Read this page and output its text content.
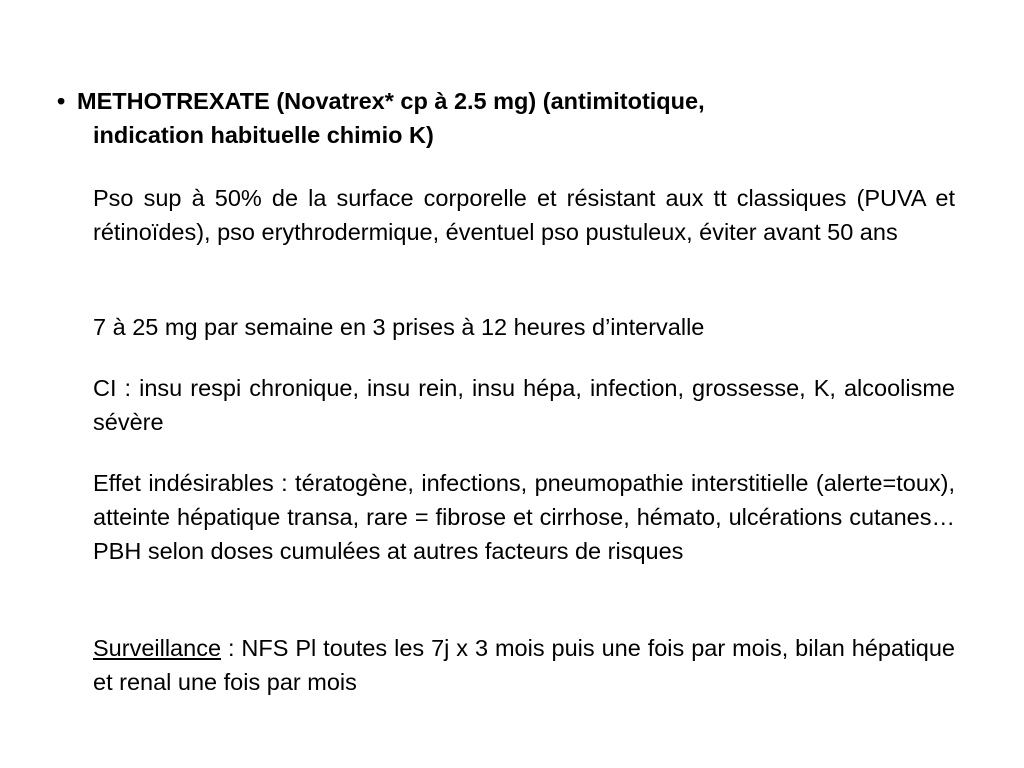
• METHOTREXATE (Novatrex* cp à 2.5 mg) (antimitotique,
indication habituelle chimio K)

Pso sup à 50% de la surface corporelle et résistant aux tt classiques (PUVA et rétinoïdes), pso erythrodermique, éventuel pso pustuleux, éviter avant 50 ans

7 à 25 mg par semaine en 3 prises à 12 heures d’intervalle

CI : insu respi chronique, insu rein, insu hépa, infection, grossesse, K, alcoolisme sévère

Effet indésirables : tératogène, infections, pneumopathie interstitielle (alerte=toux), atteinte hépatique transa, rare = fibrose et cirrhose, hémato, ulcérations cutanes…PBH selon doses cumulées at autres facteurs de risques

Surveillance : NFS Pl toutes les 7j x 3 mois puis une fois par mois, bilan hépatique et renal une fois par mois
